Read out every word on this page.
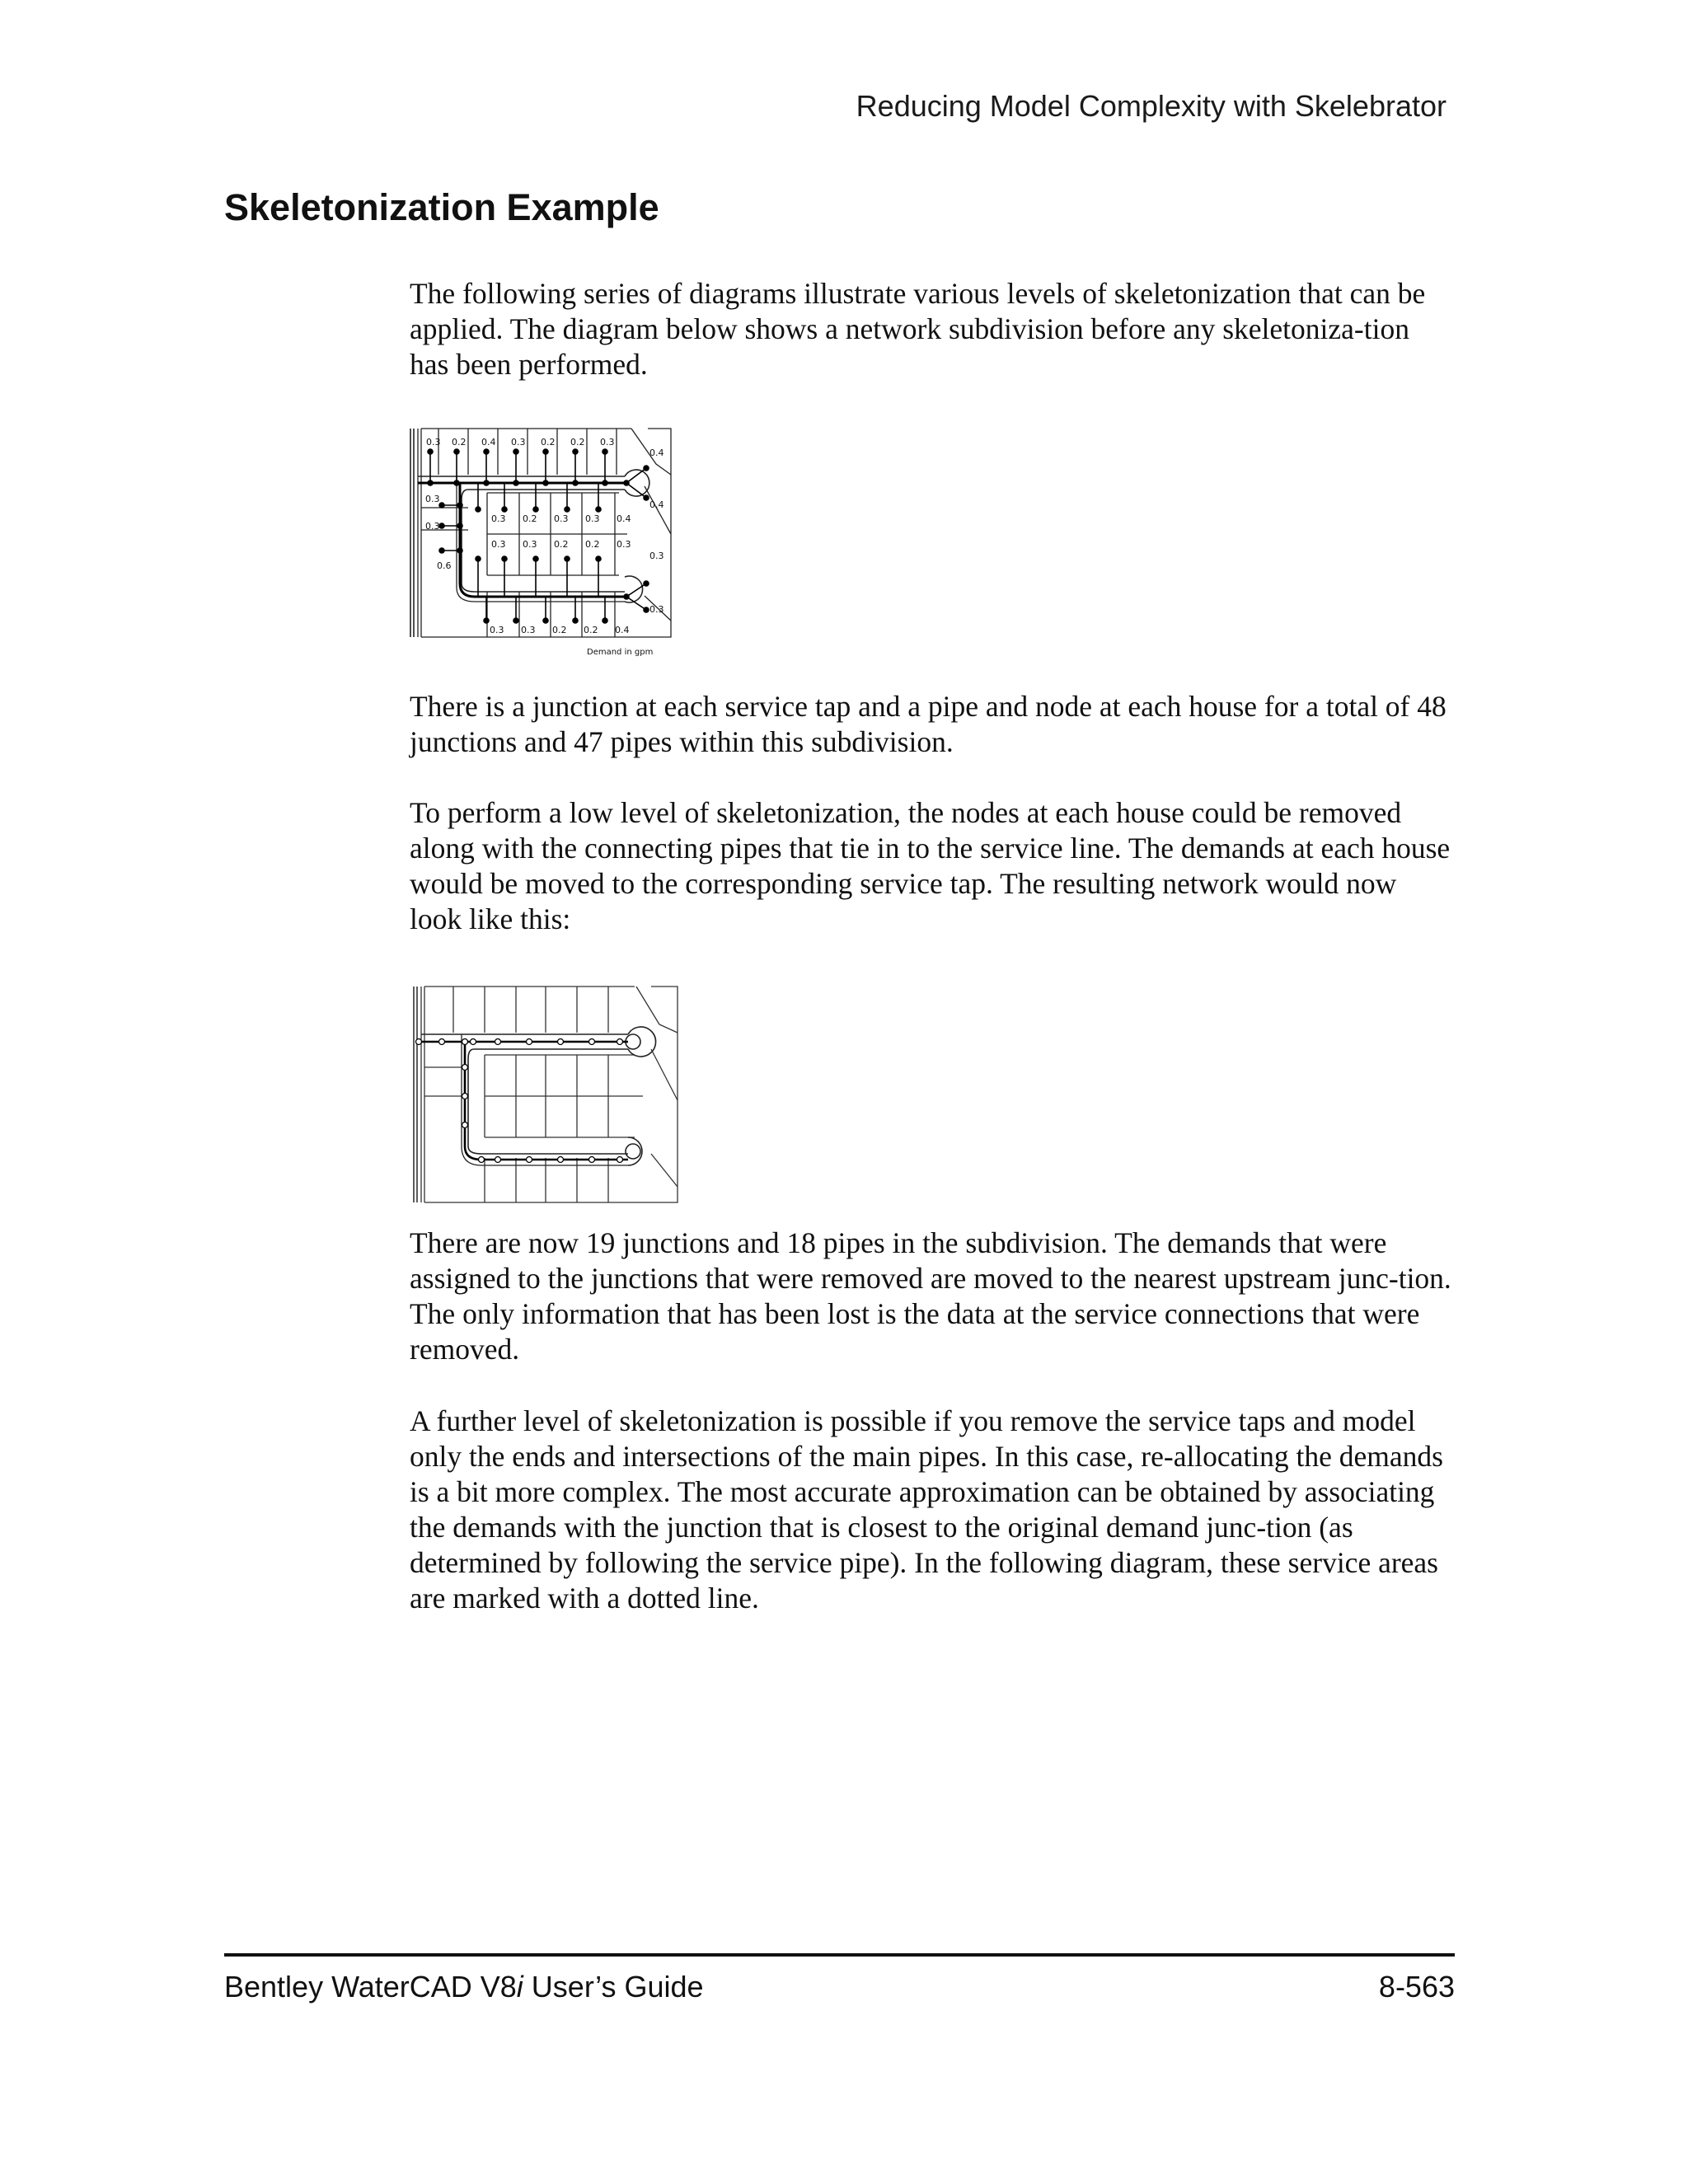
Reducing Model Complexity with Skelebrator
Skeletonization Example

The following series of diagrams illustrate various levels of skeletonization that can be applied. The diagram below shows a network subdivision before any skeletoniza-tion has been performed.

0.3 0.2 0.4 0.3 0.2 0.2 0.3
0.4
0.4
0.3
0.3
0.6
0.3 0.2 0.3 0.3 0.4
0.3 0.3 0.2 0.2 0.3
0.3
0.3
0.3 0.3 0.2 0.2 0.4
Demand in gpm

There is a junction at each service tap and a pipe and node at each house for a total of 48 junctions and 47 pipes within this subdivision.

To perform a low level of skeletonization, the nodes at each house could be removed along with the connecting pipes that tie in to the service line. The demands at each house would be moved to the corresponding service tap. The resulting network would now look like this:

There are now 19 junctions and 18 pipes in the subdivision. The demands that were assigned to the junctions that were removed are moved to the nearest upstream junc-tion. The only information that has been lost is the data at the service connections that were removed.

A further level of skeletonization is possible if you remove the service taps and model only the ends and intersections of the main pipes. In this case, re-allocating the demands is a bit more complex. The most accurate approximation can be obtained by associating the demands with the junction that is closest to the original demand junc-tion (as determined by following the service pipe). In the following diagram, these service areas are marked with a dotted line.

Bentley WaterCAD V8i User’s Guide	8-563
